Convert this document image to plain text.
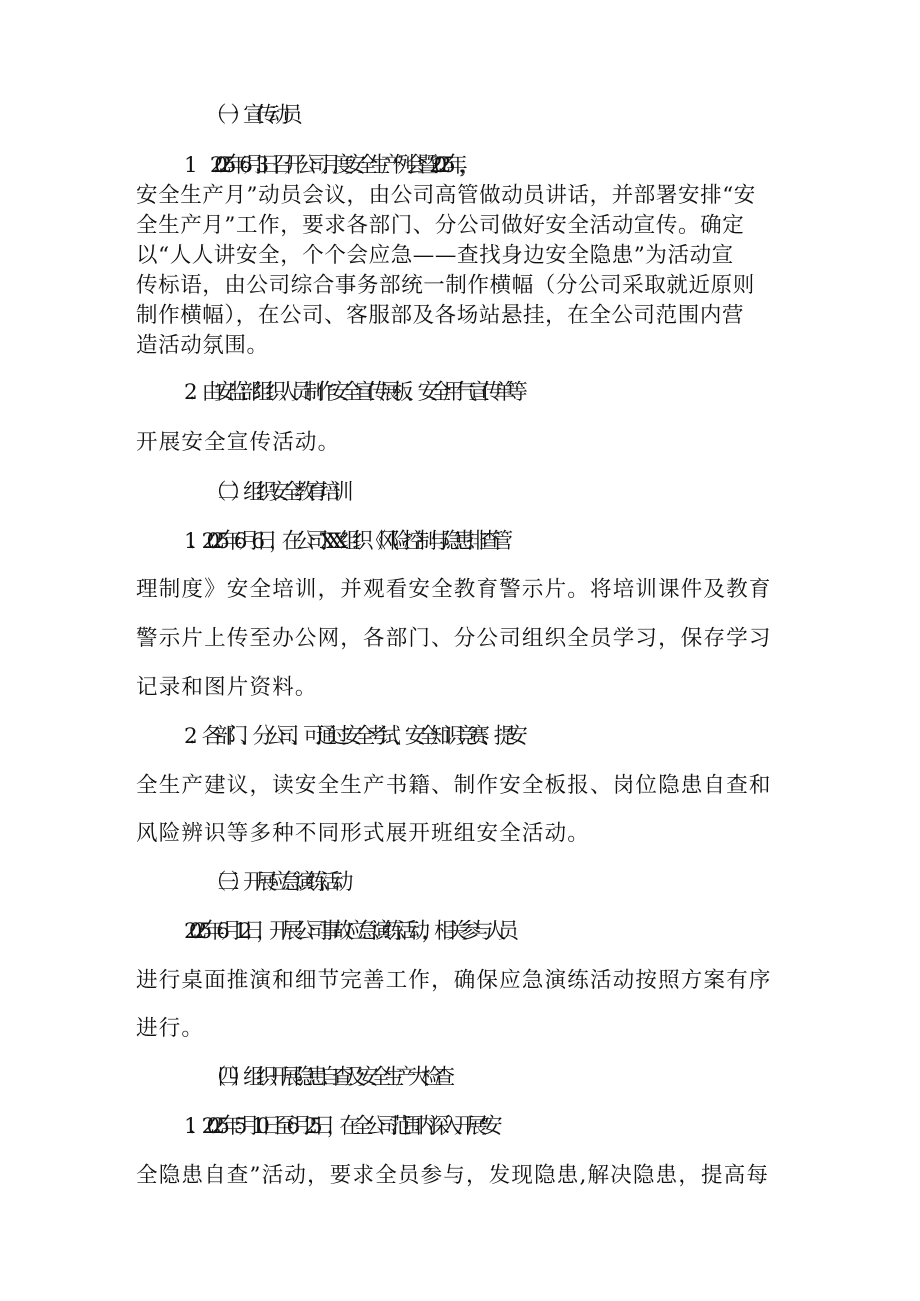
（一）宣传动员
1　　.2025年6月3日召开公司月度安全生产例会暨2025年，，
安全生产月”动员会议，由公司高管做动员讲话，并部署安排“安
全生产月”工作，要求各部门、分公司做好安全活动宣传。确定
以“人人讲安全，个个会应急——查找身边安全隐患”为活动宣
传标语，由公司综合事务部统一制作横幅（分公司采取就近原则
制作横幅），在公司、客服部及各场站悬挂，在全公司范围内营
造活动氛围。
2．由安监部组织人员制作安全宣传展板、安全用气宣传单等
开展安全宣传活动。
（二）组织安全教育培训
1．2025年6月6日，在公司XXX组织《风险控制与隐患排查管
理制度》安全培训，并观看安全教育警示片。将培训课件及教育
警示片上传至办公网，各部门、分公司组织全员学习，保存学习
记录和图片资料。
2．各部门、分公司、可通过安全考试、安全知识竞赛、提安
全生产建议，读安全生产书籍、制作安全板报、岗位隐患自查和
风险辨识等多种不同形式展开班组安全活动。
（三）开展应急演练活动
2025年6月12日，开展公司事故应急演练活动，相关参与人员
进行桌面推演和细节完善工作，确保应急演练活动按照方案有序
进行。
（四）组织开展隐患自查及安全生产大检查
1．2025年5月10日至6月25日，在全公司范围内深入开展“安
全隐患自查”活动，要求全员参与，发现隐患,解决隐患，提高每
